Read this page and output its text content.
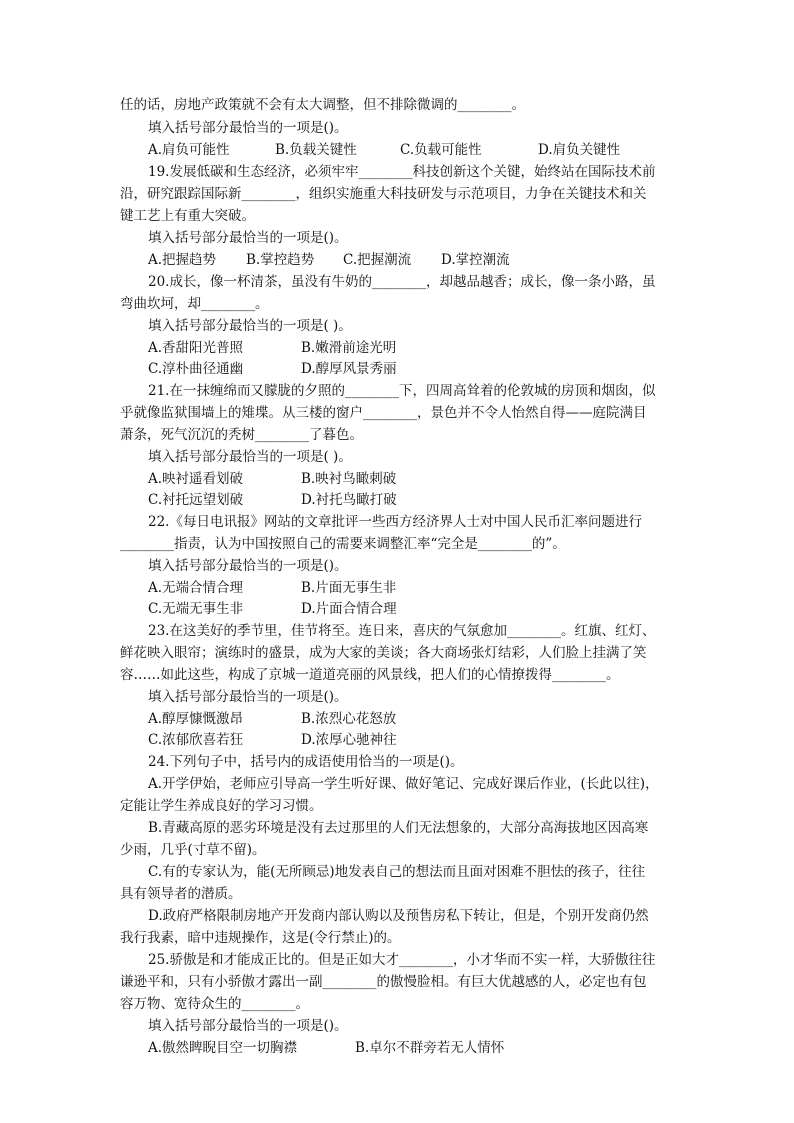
任的话，房地产政策就不会有太大调整，但不排除微调的________。
填入括号部分最恰当的一项是()。
A.肩负可能性	B.负载关键性	C.负载可能性	D.肩负关键性
19.发展低碳和生态经济，必须牢牢________科技创新这个关键，始终站在国际技术前
沿，研究跟踪国际新________，组织实施重大科技研发与示范项目，力争在关键技术和关
键工艺上有重大突破。
填入括号部分最恰当的一项是()。
A.把握趋势 B.掌控趋势 C.把握潮流 D.掌控潮流
20.成长，像一杯清茶，虽没有牛奶的________，却越品越香；成长，像一条小路，虽
弯曲坎坷，却________。
填入括号部分最恰当的一项是( )。
A.香甜阳光普照	B.嫩滑前途光明
C.淳朴曲径通幽	D.醇厚风景秀丽
21.在一抹缠绵而又朦胧的夕照的________下，四周高耸着的伦敦城的房顶和烟囱，似
乎就像监狱围墙上的雉堞。从三楼的窗户________，景色并不令人怡然自得——庭院满目
萧条，死气沉沉的秃树________了暮色。
填入括号部分最恰当的一项是( )。
A.映衬遥看划破	B.映衬鸟瞰刺破
C.衬托远望划破	D.衬托鸟瞰打破
22.《每日电讯报》网站的文章批评一些西方经济界人士对中国人民币汇率问题进行
________指责，认为中国按照自己的需要来调整汇率“完全是________的”。
填入括号部分最恰当的一项是()。
A.无端合情合理	B.片面无事生非
C.无端无事生非	D.片面合情合理
23.在这美好的季节里，佳节将至。连日来，喜庆的气氛愈加________。红旗、红灯、
鲜花映入眼帘；演练时的盛景，成为大家的美谈；各大商场张灯结彩，人们脸上挂满了笑
容……如此这些，构成了京城一道道亮丽的风景线，把人们的心情撩拨得________。
填入括号部分最恰当的一项是()。
A.醇厚慷慨激昂	B.浓烈心花怒放
C.浓郁欣喜若狂	D.浓厚心驰神往
24.下列句子中，括号内的成语使用恰当的一项是()。
A.开学伊始，老师应引导高一学生听好课、做好笔记、完成好课后作业，(长此以往)，
定能让学生养成良好的学习习惯。
B.青藏高原的恶劣环境是没有去过那里的人们无法想象的，大部分高海拔地区因高寒
少雨，几乎(寸草不留)。
C.有的专家认为，能(无所顾忌)地发表自己的想法而且面对困难不胆怯的孩子，往往
具有领导者的潜质。
D.政府严格限制房地产开发商内部认购以及预售房私下转让，但是，个别开发商仍然
我行我素，暗中违规操作，这是(令行禁止)的。
25.骄傲是和才能成正比的。但是正如大才________，小才华而不实一样，大骄傲往往
谦逊平和，只有小骄傲才露出一副________的傲慢脸相。有巨大优越感的人，必定也有包
容万物、宽待众生的________。
填入括号部分最恰当的一项是()。
A.傲然睥睨目空一切胸襟	B.卓尔不群旁若无人情怀
